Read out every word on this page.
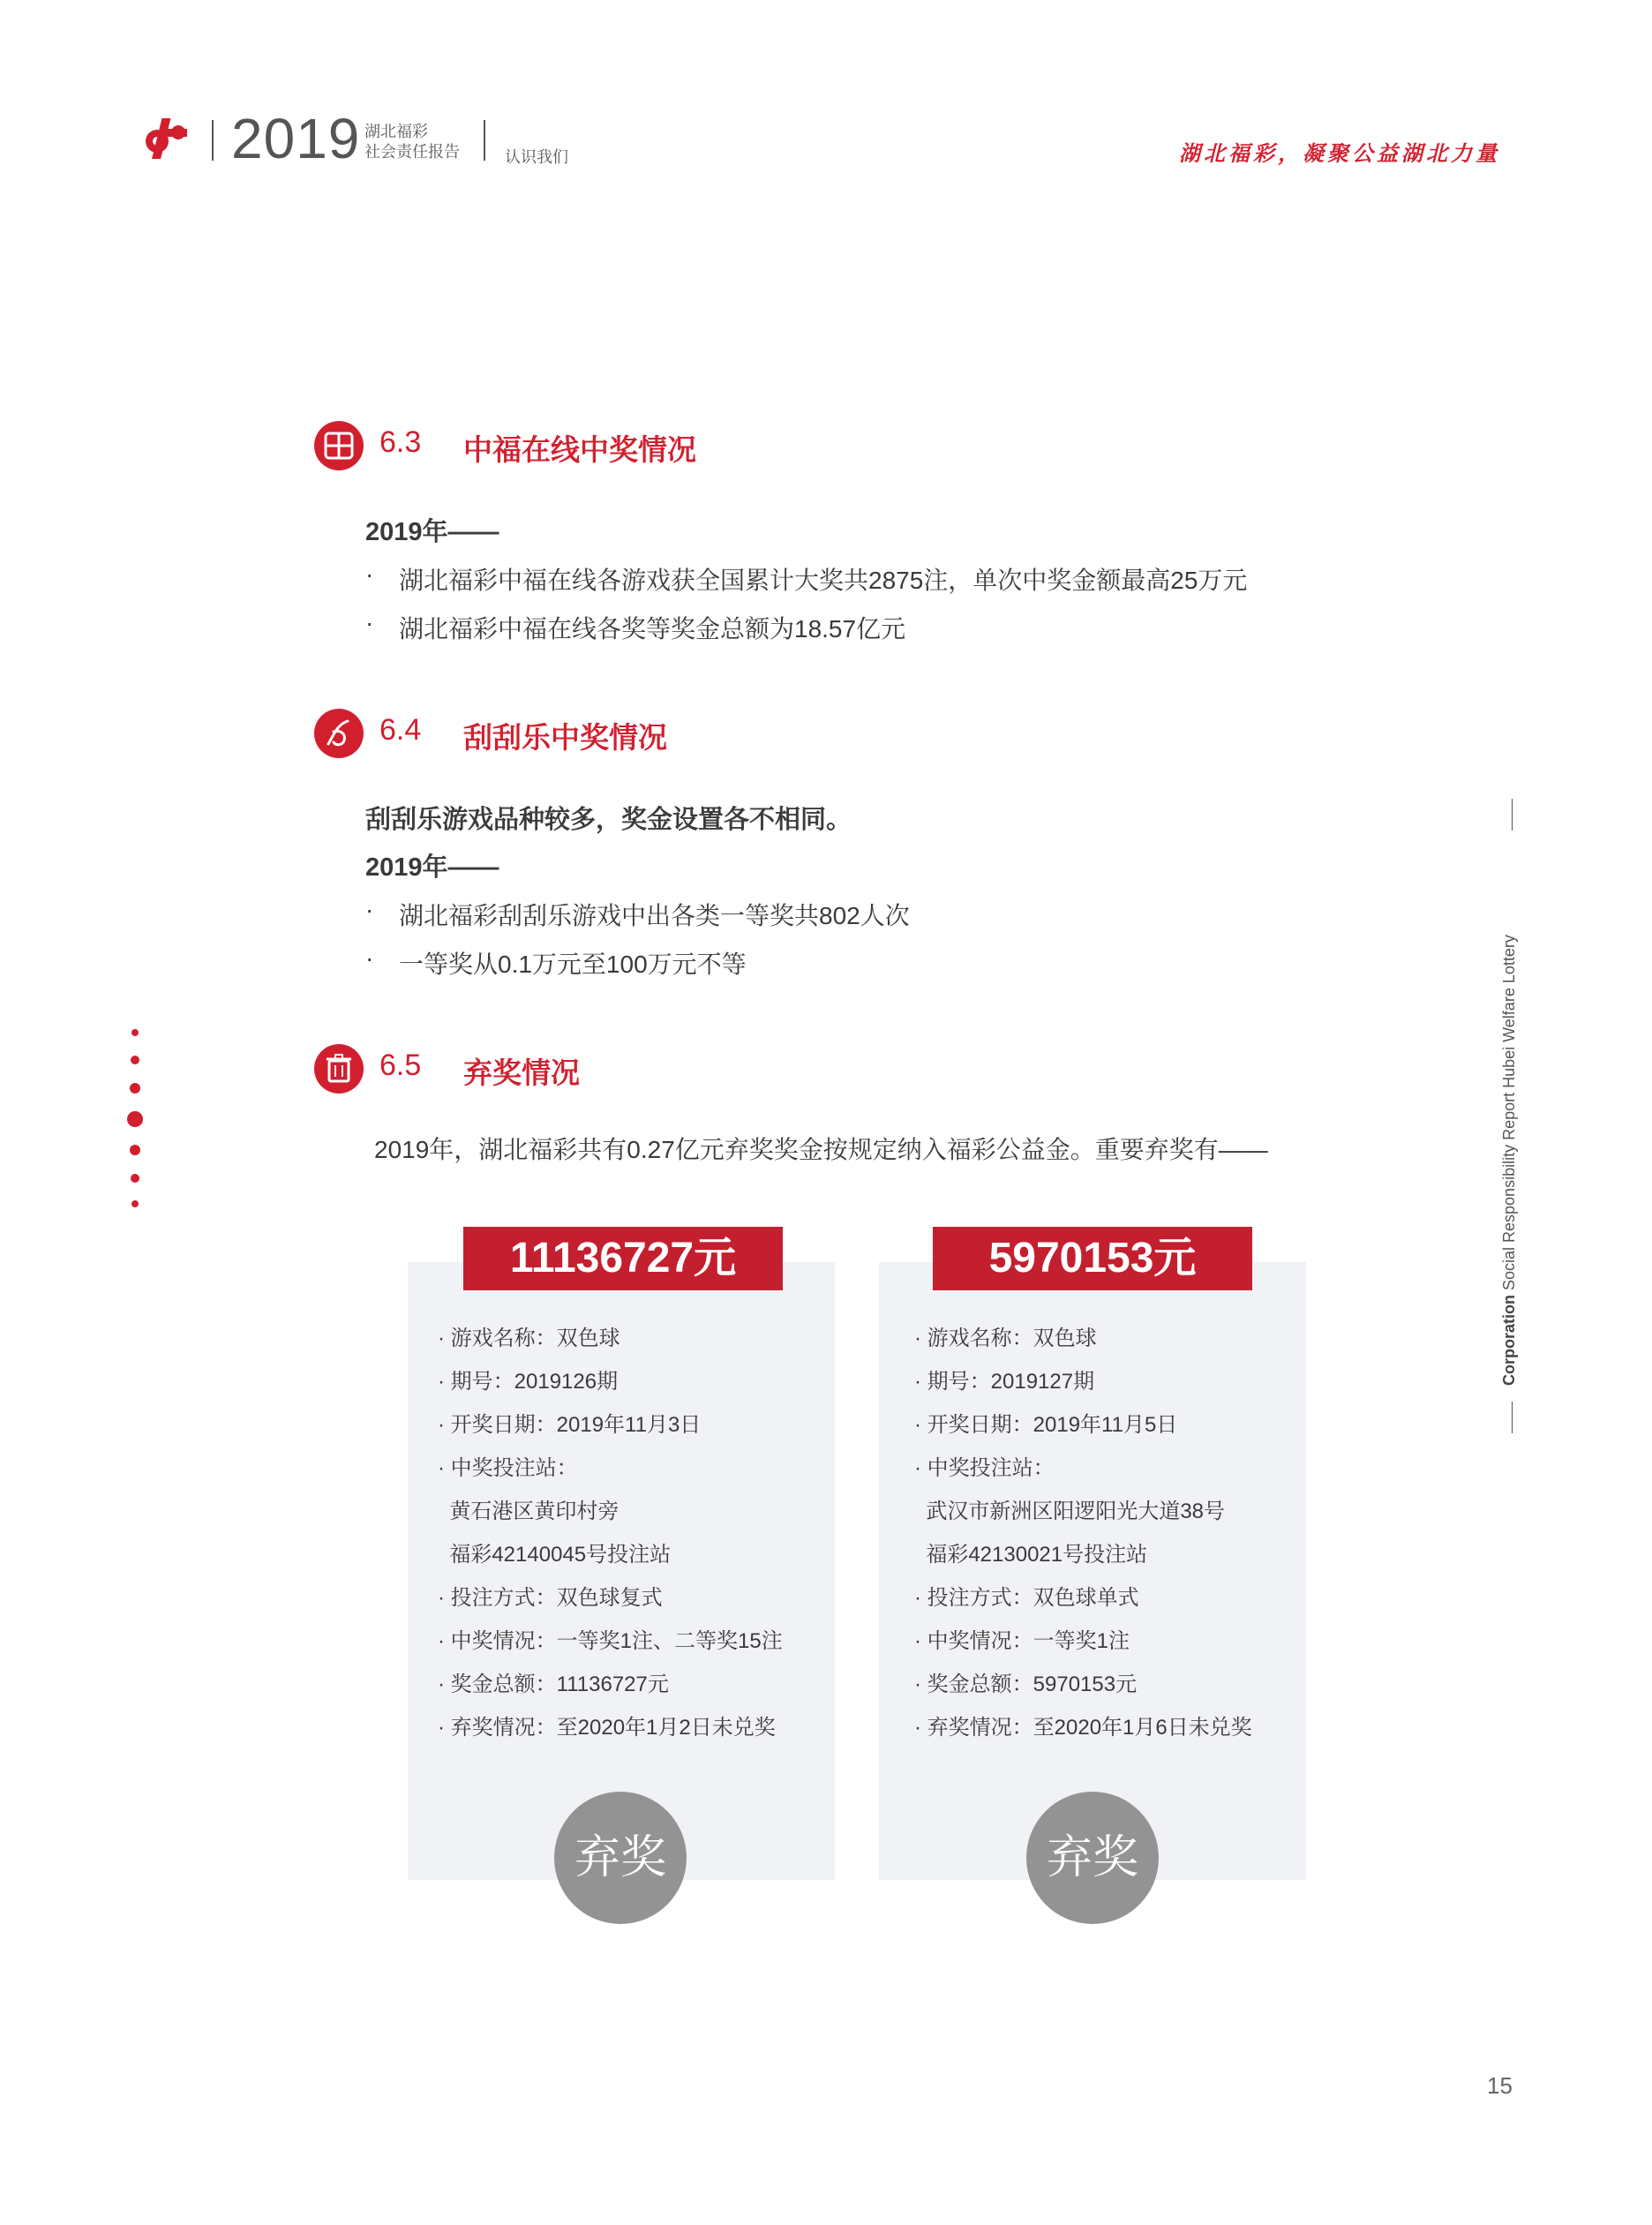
2019 湖北福彩
社会责任报告	认识我们	湖北福彩，凝聚公益湖北力量
6.3 中福在线中奖情况
2019年——
· 湖北福彩中福在线各游戏获全国累计大奖共2875注，单次中奖金额最高25万元
· 湖北福彩中福在线各奖等奖金总额为18.57亿元
6.4 刮刮乐中奖情况
刮刮乐游戏品种较多，奖金设置各不相同。
2019年——
· 湖北福彩刮刮乐游戏中出各类一等奖共802人次
· 一等奖从0.1万元至100万元不等
6.5 弃奖情况
2019年，湖北福彩共有0.27亿元弃奖奖金按规定纳入福彩公益金。重要弃奖有——
Corporation Social Responsibility Report Hubei Welfare Lottery
11136727元
· 游戏名称：双色球
· 期号：2019126期
· 开奖日期：2019年11月3日
· 中奖投注站：
黄石港区黄印村旁
福彩42140045号投注站
· 投注方式：双色球复式
· 中奖情况：一等奖1注、二等奖15注
· 奖金总额：11136727元
· 弃奖情况：至2020年1月2日未兑奖
弃奖
5970153元
· 游戏名称：双色球
· 期号：2019127期
· 开奖日期：2019年11月5日
· 中奖投注站：
武汉市新洲区阳逻阳光大道38号
福彩42130021号投注站
· 投注方式：双色球单式
· 中奖情况：一等奖1注
· 奖金总额：5970153元
· 弃奖情况：至2020年1月6日未兑奖
弃奖
15
